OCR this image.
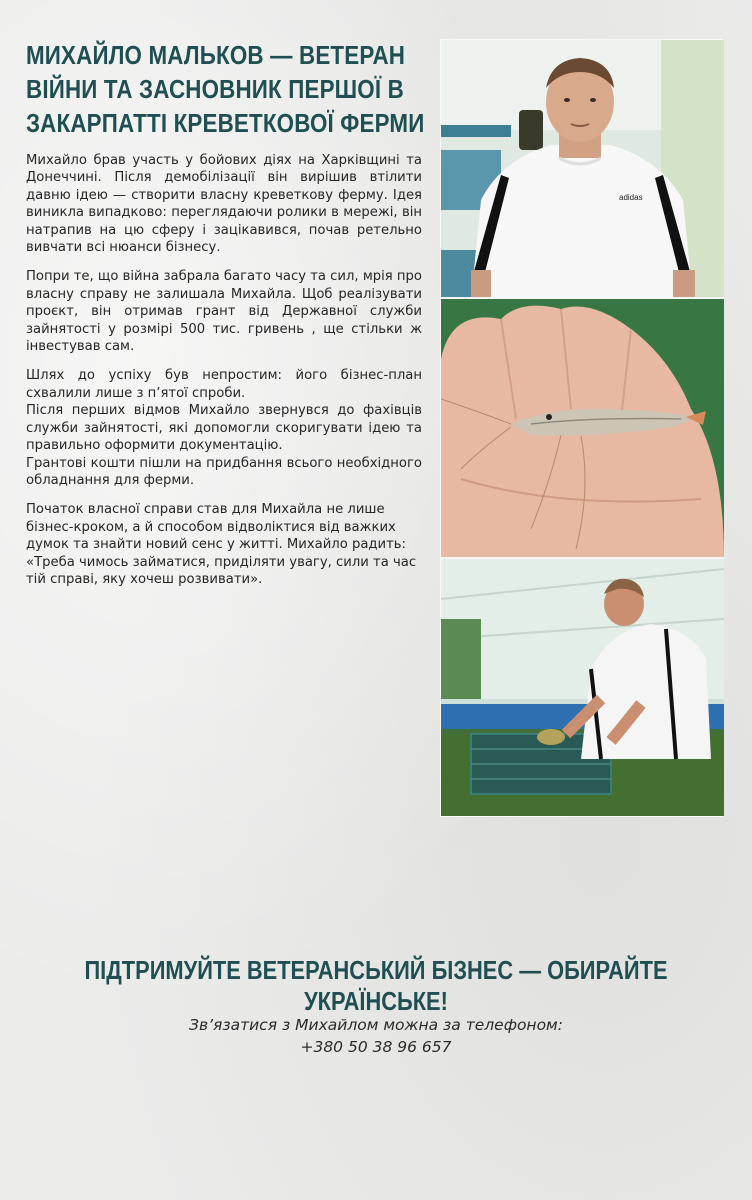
МИХАЙЛО МАЛЬКОВ — ВЕТЕРАН ВІЙНИ ТА ЗАСНОВНИК ПЕРШОЇ В ЗАКАРПАТТІ КРЕВЕТКОВОЇ ФЕРМИ

Михайло брав участь у бойових діях на Харківщині та Донеччині. Після демобілізації він вирішив втілити давню ідею — створити власну креветкову ферму. Ідея виникла випадково: переглядаючи ролики в мережі, він натрапив на цю сферу і зацікавився, почав ретельно вивчати всі нюанси бізнесу.

Попри те, що війна забрала багато часу та сил, мрія про власну справу не залишала Михайла. Щоб реалізувати проєкт, він отримав грант від Державної служби зайнятості у розмірі 500 тис. гривень , ще стільки ж інвестував сам.

Шлях до успіху був непростим: його бізнес-план схвалили лише з п’ятої спроби.
Після перших відмов Михайло звернувся до фахівців служби зайнятості, які допомогли скоригувати ідею та правильно оформити документацію.
Грантові кошти пішли на придбання всього необхідного обладнання для ферми.

Початок власної справи став для Михайла не лише бізнес-кроком, а й способом відволіктися від важких думок та знайти новий сенс у житті. Михайло радить: «Треба чимось займатися, приділяти увагу, сили та час тій справі, яку хочеш розвивати».

adidas
ПІДТРИМУЙТЕ ВЕТЕРАНСЬКИЙ БІЗНЕС — ОБИРАЙТЕ УКРАЇНСЬКЕ!
Зв’язатися з Михайлом можна за телефоном:
+380 50 38 96 657
